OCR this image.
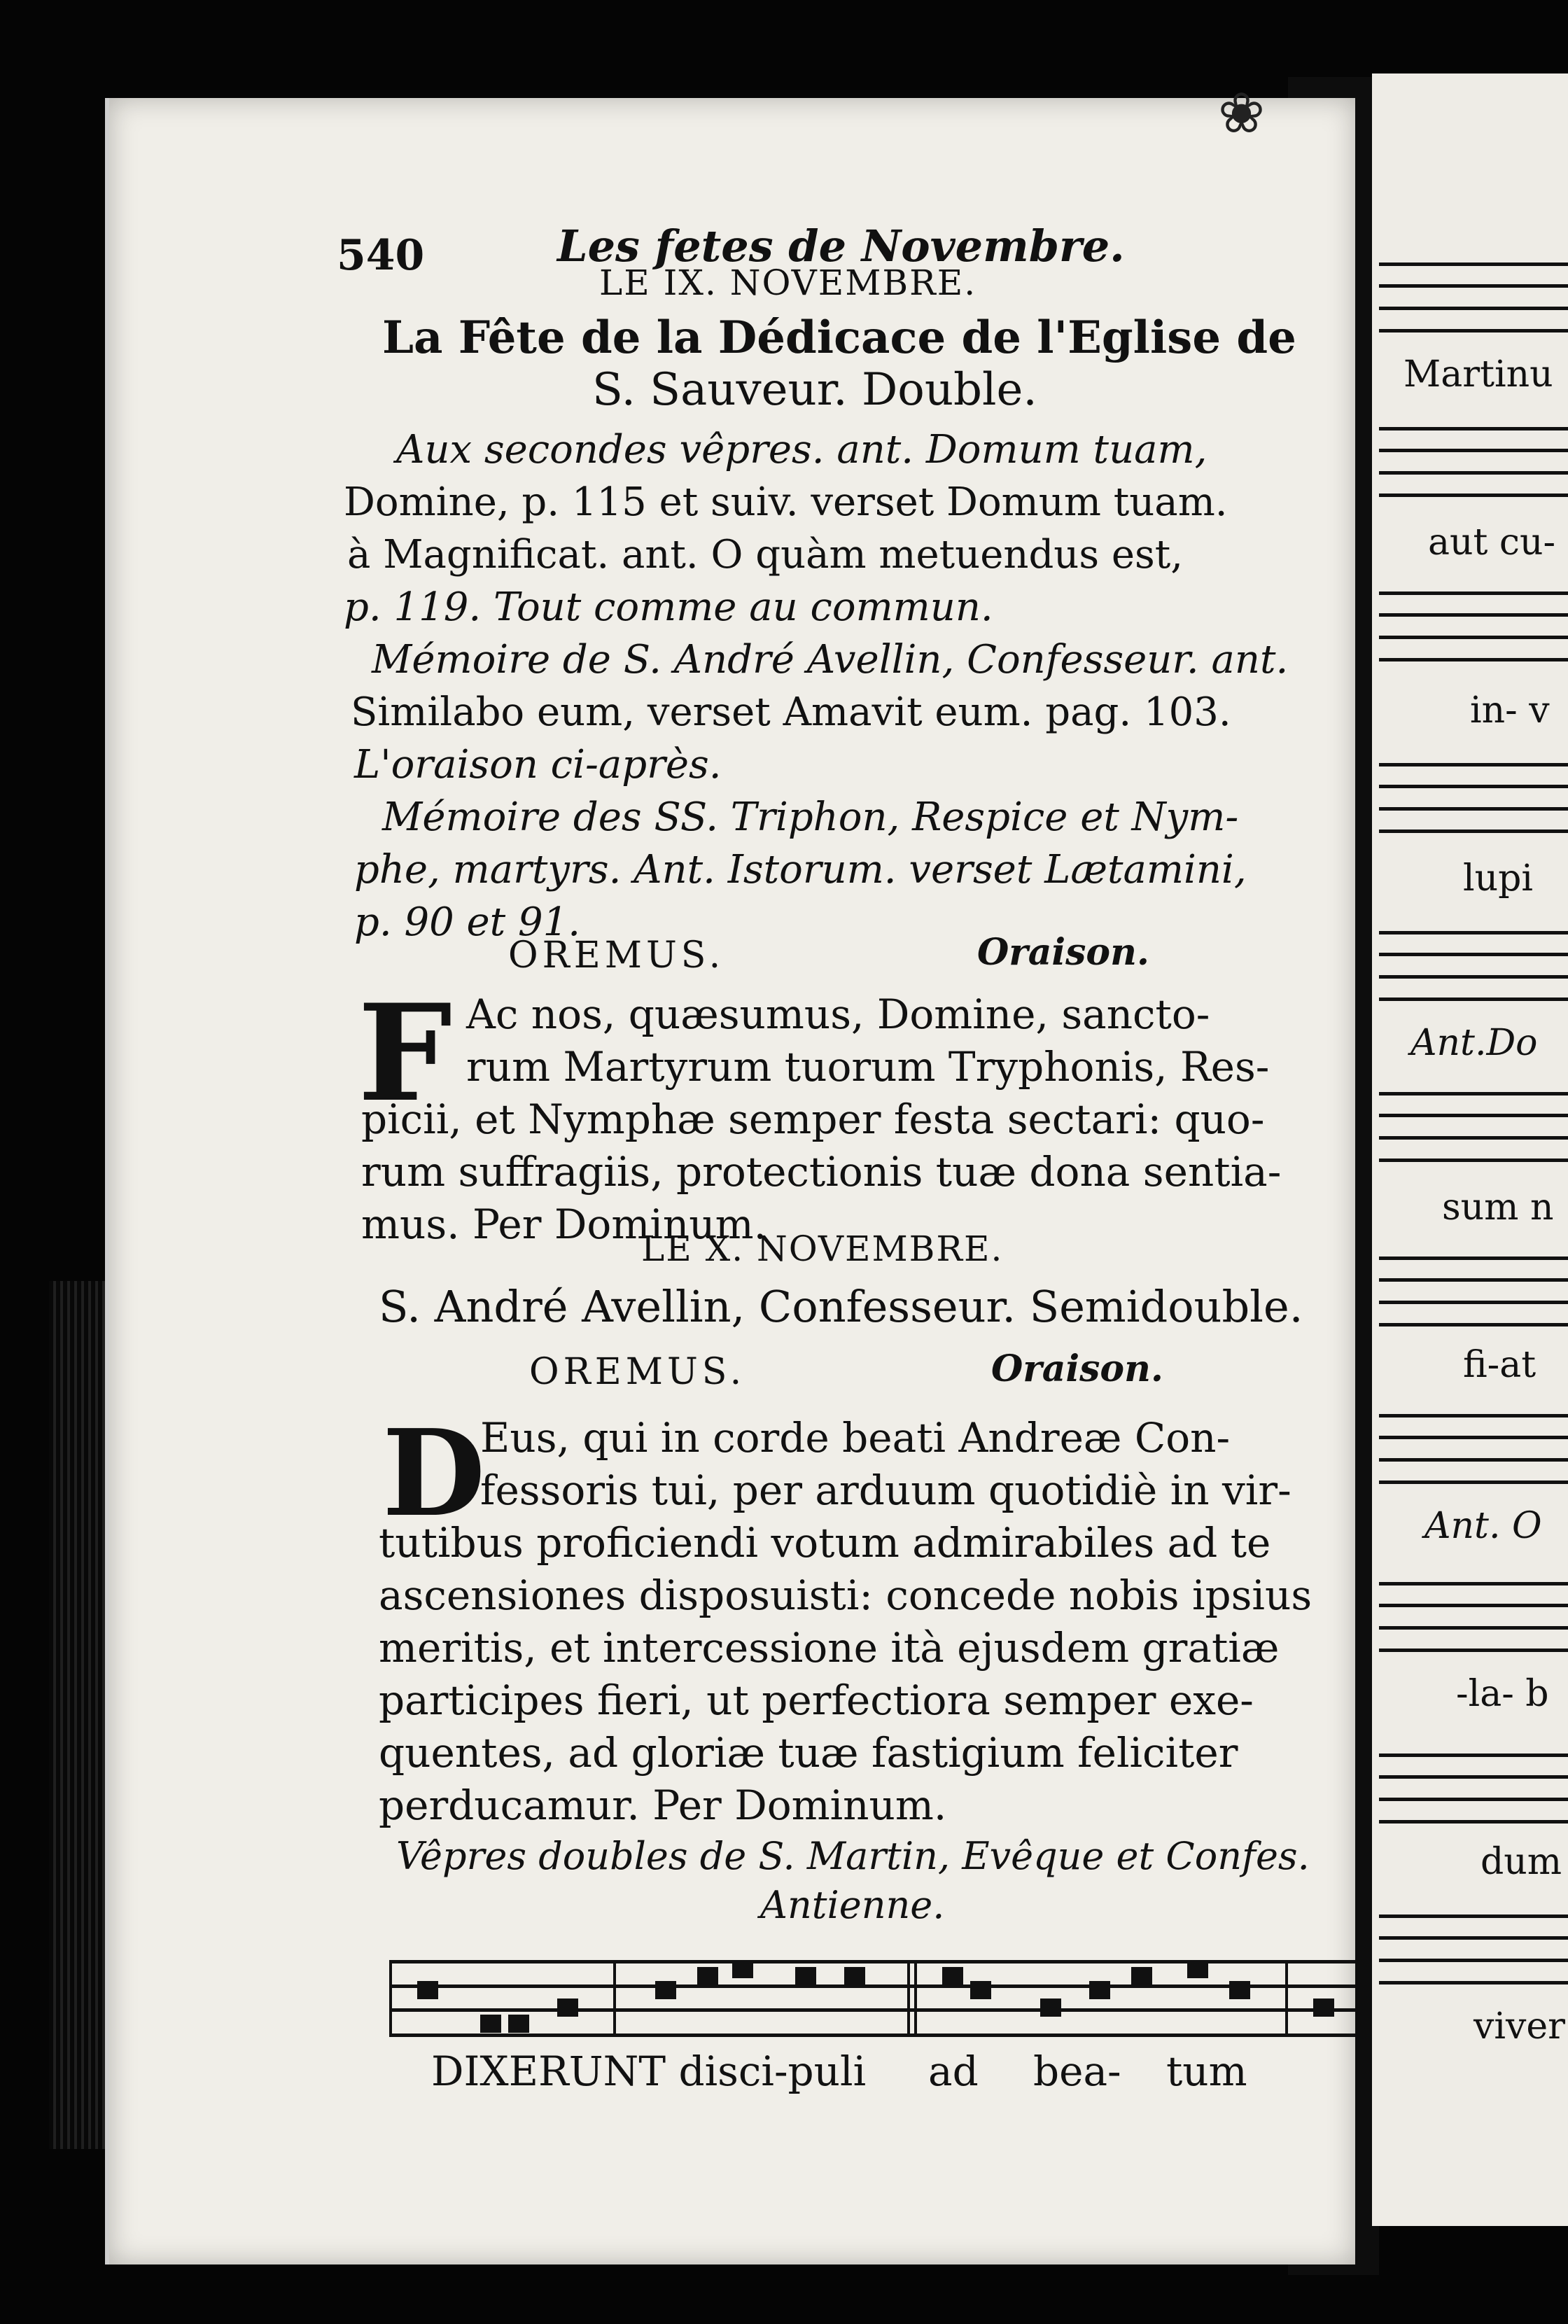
540	Les fetes de Novembre.
LE IX. NOVEMBRE.
La Fête de la Dédicace de l'Eglise de
S. Sauveur. Double.
Aux secondes vêpres. ant. Domum tuam,
Domine, p. 115 et suiv. verset Domum tuam.
à Magnificat. ant. O quàm metuendus est,
p. 119. Tout comme au commun.
Mémoire de S. André Avellin, Confesseur. ant.
Similabo eum, verset Amavit eum. pag. 103.
L'oraison ci-après.
Mémoire des SS. Triphon, Respice et Nym-
phe, martyrs. Ant. Istorum. verset Lætamini,
p. 90 et 91.
OREMUS.	Oraison.
F Ac nos, quæsumus, Domine, sancto-
rum Martyrum tuorum Tryphonis, Res-
picii, et Nymphæ semper festa sectari: quo-
rum suffragiis, protectionis tuæ dona sentia-
mus. Per Dominum.
LE X. NOVEMBRE.
S. André Avellin, Confesseur. Semidouble.
OREMUS.	Oraison.
D
Eus, qui in corde beati Andreæ Con-
fessoris tui, per arduum quotidiè in vir-
tutibus proficiendi votum admirabiles ad te
ascensiones disposuisti: concede nobis ipsius
meritis, et intercessione ità ejusdem gratiæ
participes fieri, ut perfectiora semper exe-
quentes, ad gloriæ tuæ fastigium feliciter
perducamur. Per Dominum.
Vêpres doubles de S. Martin, Evêque et Confes.
Antienne.
DIXERUNT disci-puli ad bea- tum
Martinu
aut cu-
in- v
lupi
Ant.Do
sum n
fi-at
Ant. O
-la- b
dum
viver
❀
